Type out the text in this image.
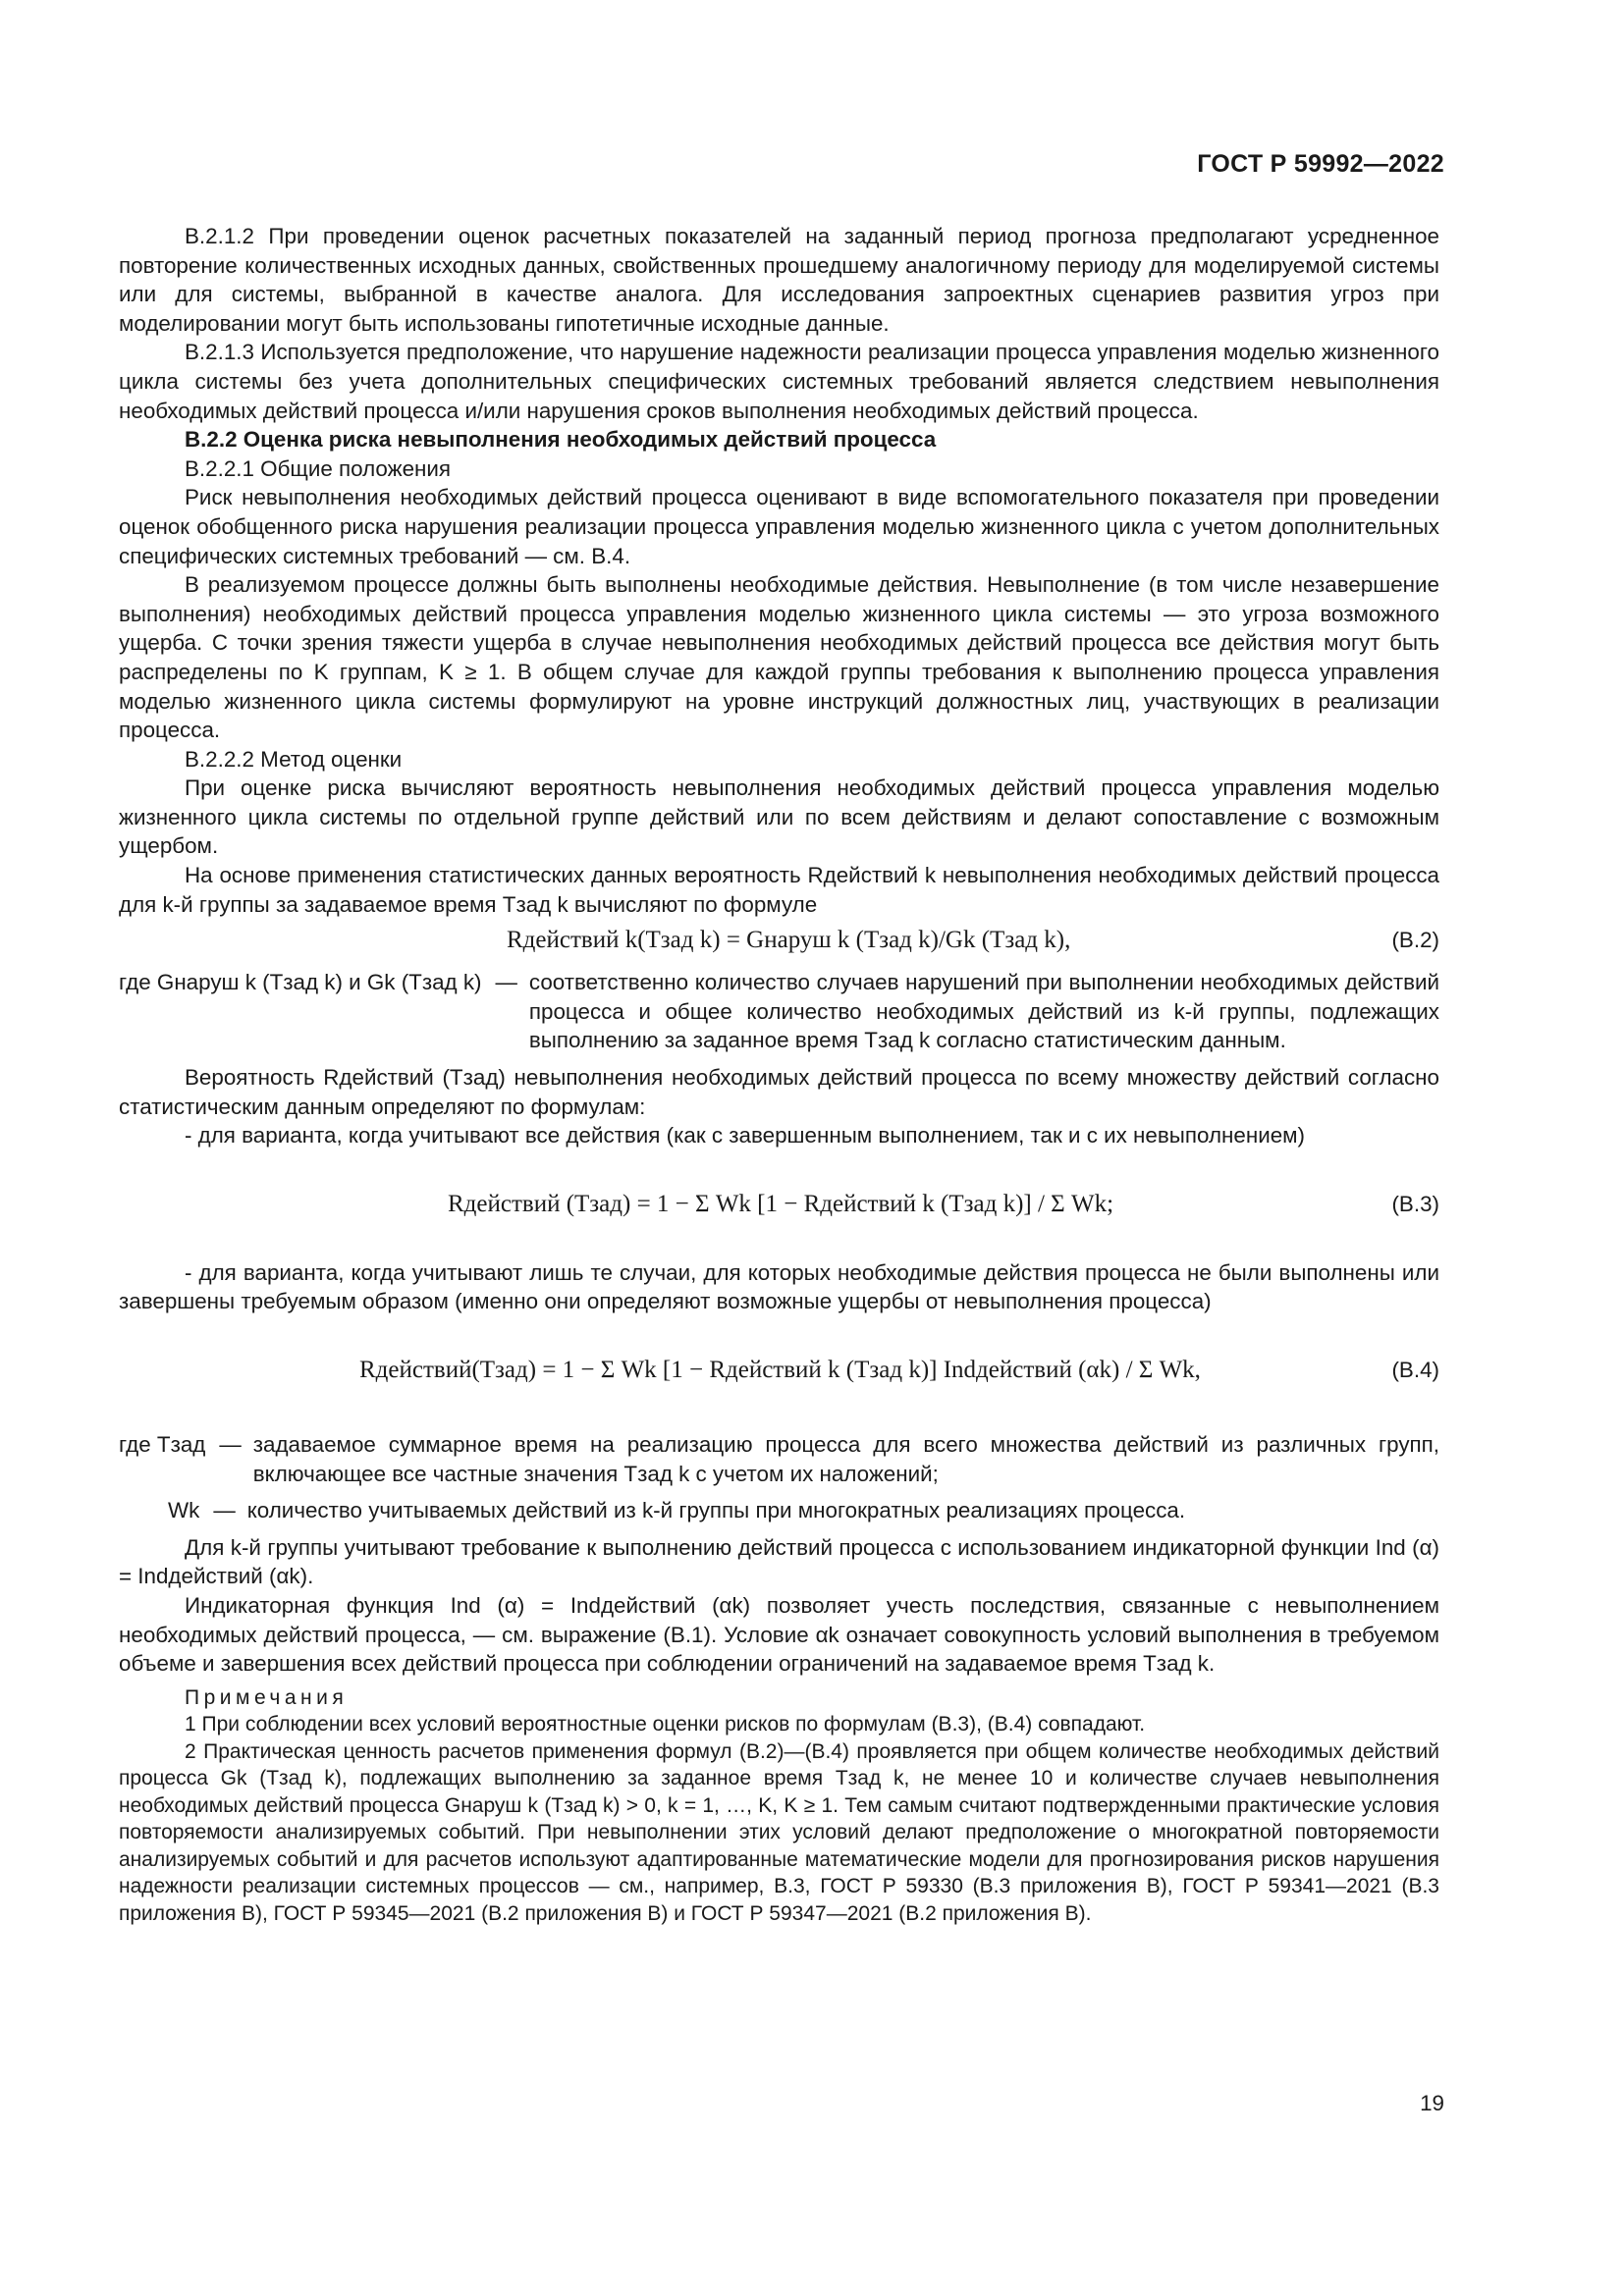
ГОСТ Р 59992—2022

В.2.1.2 При проведении оценок расчетных показателей на заданный период прогноза предполагают усредненное повторение количественных исходных данных, свойственных прошедшему аналогичному периоду для моделируемой системы или для системы, выбранной в качестве аналога. Для исследования запроектных сценариев развития угроз при моделировании могут быть использованы гипотетичные исходные данные.

В.2.1.3 Используется предположение, что нарушение надежности реализации процесса управления моделью жизненного цикла системы без учета дополнительных специфических системных требований является следствием невыполнения необходимых действий процесса и/или нарушения сроков выполнения необходимых действий процесса.

В.2.2 Оценка риска невыполнения необходимых действий процесса

В.2.2.1 Общие положения

Риск невыполнения необходимых действий процесса оценивают в виде вспомогательного показателя при проведении оценок обобщенного риска нарушения реализации процесса управления моделью жизненного цикла с учетом дополнительных специфических системных требований — см. В.4.

В реализуемом процессе должны быть выполнены необходимые действия. Невыполнение (в том числе незавершение выполнения) необходимых действий процесса управления моделью жизненного цикла системы — это угроза возможного ущерба. С точки зрения тяжести ущерба в случае невыполнения необходимых действий процесса все действия могут быть распределены по K группам, K ≥ 1. В общем случае для каждой группы требования к выполнению процесса управления моделью жизненного цикла системы формулируют на уровне инструкций должностных лиц, участвующих в реализации процесса.

В.2.2.2 Метод оценки

При оценке риска вычисляют вероятность невыполнения необходимых действий процесса управления моделью жизненного цикла системы по отдельной группе действий или по всем действиям и делают сопоставление с возможным ущербом.

На основе применения статистических данных вероятность Rдействий k невыполнения необходимых действий процесса для k-й группы за задаваемое время Tзад k вычисляют по формуле

Rдействий k(Tзад k) = Gнаруш k (Tзад k)/Gk (Tзад k),	(В.2)
где Gнаруш k (Tзад k) и Gk (Tзад k) — соответственно количество случаев нарушений при выполнении необходимых действий процесса и общее количество необходимых действий из k-й группы, подлежащих выполнению за заданное время Tзад k согласно статистическим данным.

Вероятность Rдействий (Tзад) невыполнения необходимых действий процесса по всему множеству действий согласно статистическим данным определяют по формулам:

- для варианта, когда учитывают все действия (как с завершенным выполнением, так и с их невыполнением)

Rдействий (Tзад) = 1 − Σ Wk [1 − Rдействий k (Tзад k)] / Σ Wk;	(В.3)

- для варианта, когда учитывают лишь те случаи, для которых необходимые действия процесса не были выполнены или завершены требуемым образом (именно они определяют возможные ущербы от невыполнения процесса)

Rдействий(Tзад) = 1 − Σ Wk [1 − Rдействий k (Tзад k)] Indдействий (αk) / Σ Wk,	(В.4)
где Tзад — задаваемое суммарное время на реализацию процесса для всего множества действий из различных групп, включающее все частные значения Tзад k с учетом их наложений;
Wk — количество учитываемых действий из k-й группы при многократных реализациях процесса.

Для k-й группы учитывают требование к выполнению действий процесса с использованием индикаторной функции Ind (α) = Indдействий (αk).

Индикаторная функция Ind (α) = Indдействий (αk) позволяет учесть последствия, связанные с невыполнением необходимых действий процесса, — см. выражение (В.1). Условие αk означает совокупность условий выполнения в требуемом объеме и завершения всех действий процесса при соблюдении ограничений на задаваемое время Tзад k.

Примечания

1 При соблюдении всех условий вероятностные оценки рисков по формулам (В.3), (В.4) совпадают.

2 Практическая ценность расчетов применения формул (В.2)—(В.4) проявляется при общем количестве необходимых действий процесса Gk (Tзад k), подлежащих выполнению за заданное время Tзад k, не менее 10 и количестве случаев невыполнения необходимых действий процесса Gнаруш k (Tзад k) > 0, k = 1, …, K, K ≥ 1. Тем самым считают подтвержденными практические условия повторяемости анализируемых событий. При невыполнении этих условий делают предположение о многократной повторяемости анализируемых событий и для расчетов используют адаптированные математические модели для прогнозирования рисков нарушения надежности реализации системных процессов — см., например, В.3, ГОСТ Р 59330 (В.3 приложения В), ГОСТ Р 59341—2021 (В.3 приложения В), ГОСТ Р 59345—2021 (В.2 приложения В) и ГОСТ Р 59347—2021 (В.2 приложения В).

19
